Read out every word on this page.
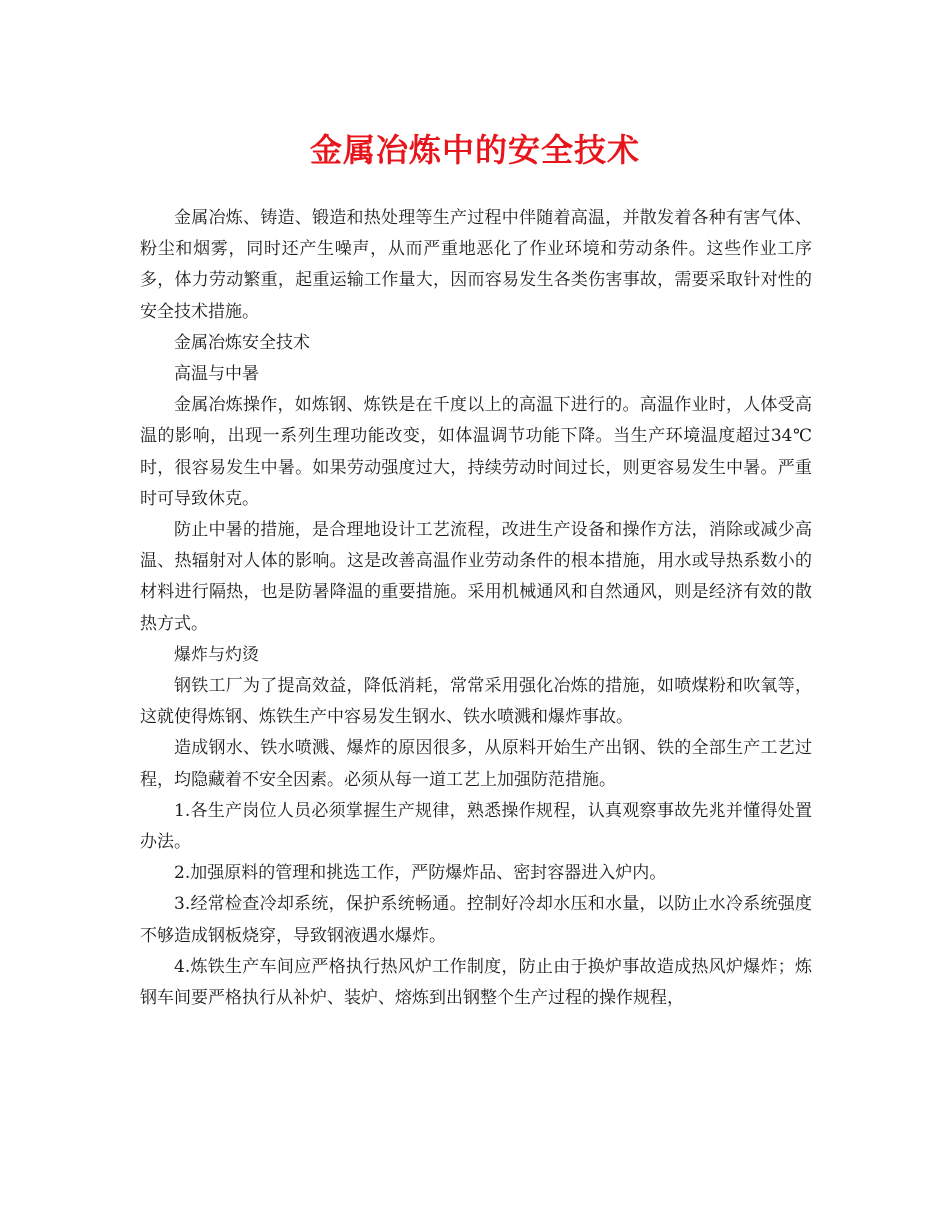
金属冶炼中的安全技术

金属冶炼、铸造、锻造和热处理等生产过程中伴随着高温，并散发着各种有害气体、粉尘和烟雾，同时还产生噪声，从而严重地恶化了作业环境和劳动条件。这些作业工序多，体力劳动繁重，起重运输工作量大，因而容易发生各类伤害事故，需要采取针对性的安全技术措施。

金属冶炼安全技术

高温与中暑

金属冶炼操作，如炼钢、炼铁是在千度以上的高温下进行的。高温作业时，人体受高温的影响，出现一系列生理功能改变，如体温调节功能下降。当生产环境温度超过34℃时，很容易发生中暑。如果劳动强度过大，持续劳动时间过长，则更容易发生中暑。严重时可导致休克。

防止中暑的措施，是合理地设计工艺流程，改进生产设备和操作方法，消除或减少高温、热辐射对人体的影响。这是改善高温作业劳动条件的根本措施，用水或导热系数小的材料进行隔热，也是防暑降温的重要措施。采用机械通风和自然通风，则是经济有效的散热方式。

爆炸与灼烫

钢铁工厂为了提高效益，降低消耗，常常采用强化冶炼的措施，如喷煤粉和吹氧等，这就使得炼钢、炼铁生产中容易发生钢水、铁水喷溅和爆炸事故。

造成钢水、铁水喷溅、爆炸的原因很多，从原料开始生产出钢、铁的全部生产工艺过程，均隐藏着不安全因素。必须从每一道工艺上加强防范措施。

1.各生产岗位人员必须掌握生产规律，熟悉操作规程，认真观察事故先兆并懂得处置办法。

2.加强原料的管理和挑选工作，严防爆炸品、密封容器进入炉内。

3.经常检查冷却系统，保护系统畅通。控制好冷却水压和水量，以防止水冷系统强度不够造成钢板烧穿，导致钢液遇水爆炸。

4.炼铁生产车间应严格执行热风炉工作制度，防止由于换炉事故造成热风炉爆炸；炼钢车间要严格执行从补炉、装炉、熔炼到出钢整个生产过程的操作规程，
